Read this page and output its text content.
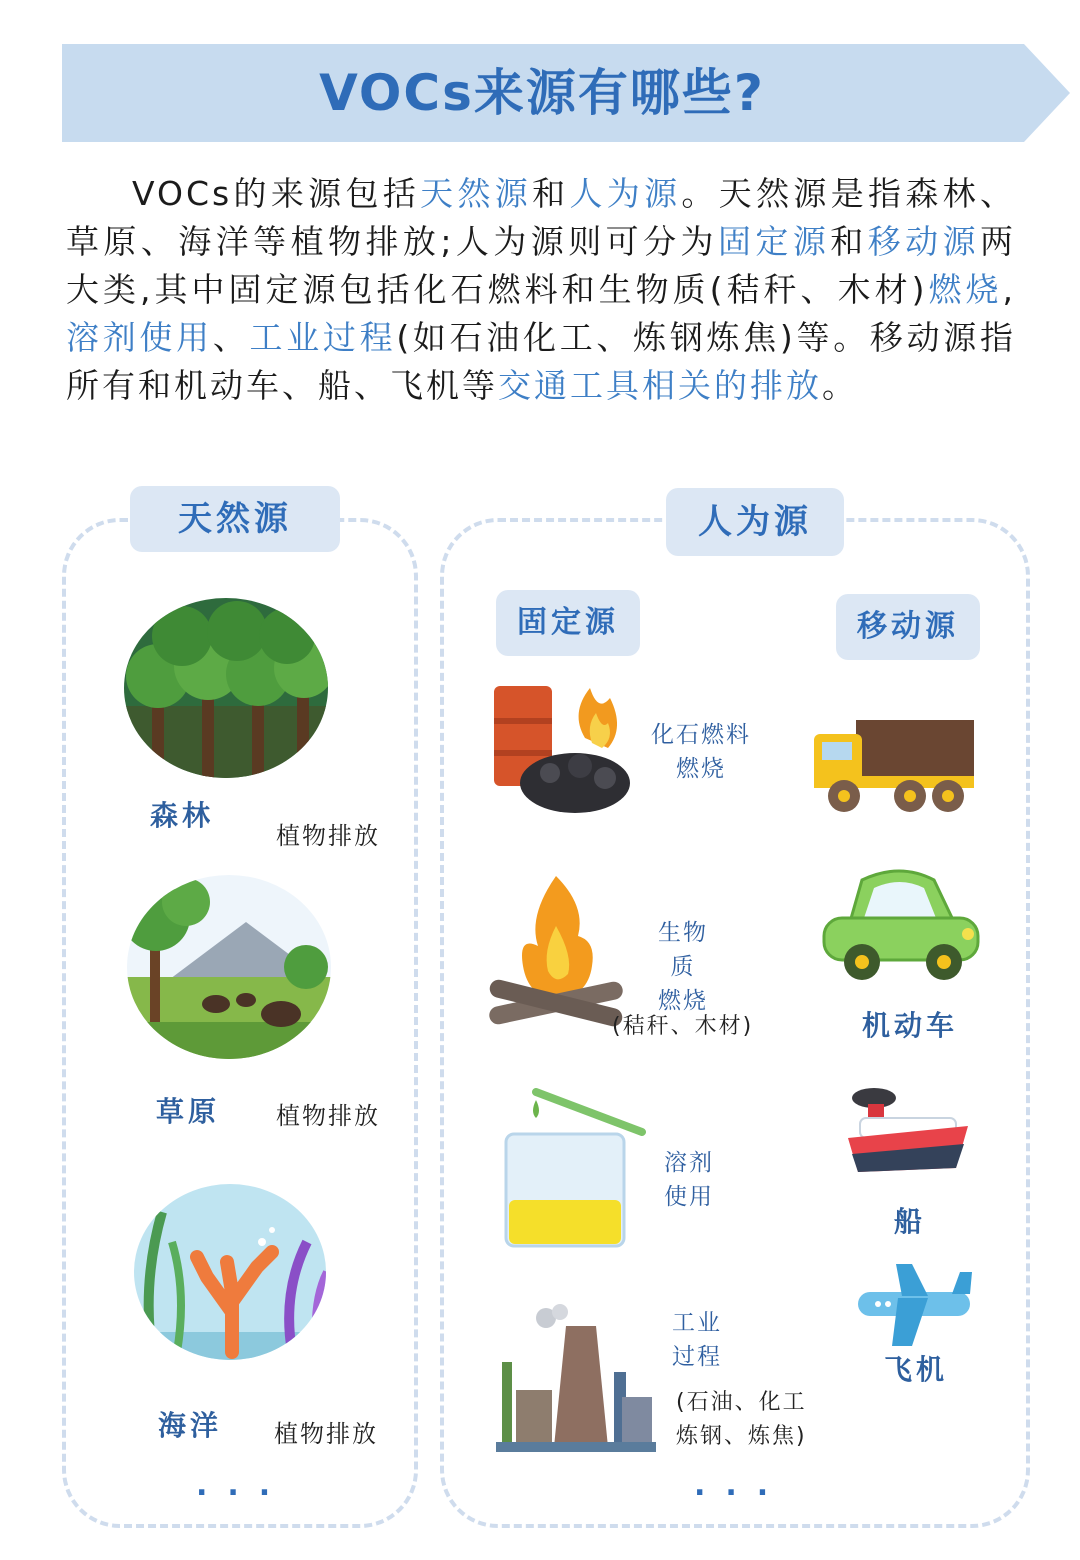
VOCs来源有哪些?
VOCs的来源包括天然源和人为源。天然源是指森林、草原、海洋等植物排放;人为源则可分为固定源和移动源两大类,其中固定源包括化石燃料和生物质(秸秆、木材)燃烧,溶剂使用、工业过程(如石油化工、炼钢炼焦)等。移动源指所有和机动车、船、飞机等交通工具相关的排放。
天然源
森林
植物排放
草原 植物排放
海洋 植物排放
...
人为源
固定源	移动源
化石燃料
燃烧
生物质
燃烧
(秸秆、木材)
溶剂
使用
工业
过程
(石油、化工
炼钢、炼焦)
机动车
船
飞机
...
